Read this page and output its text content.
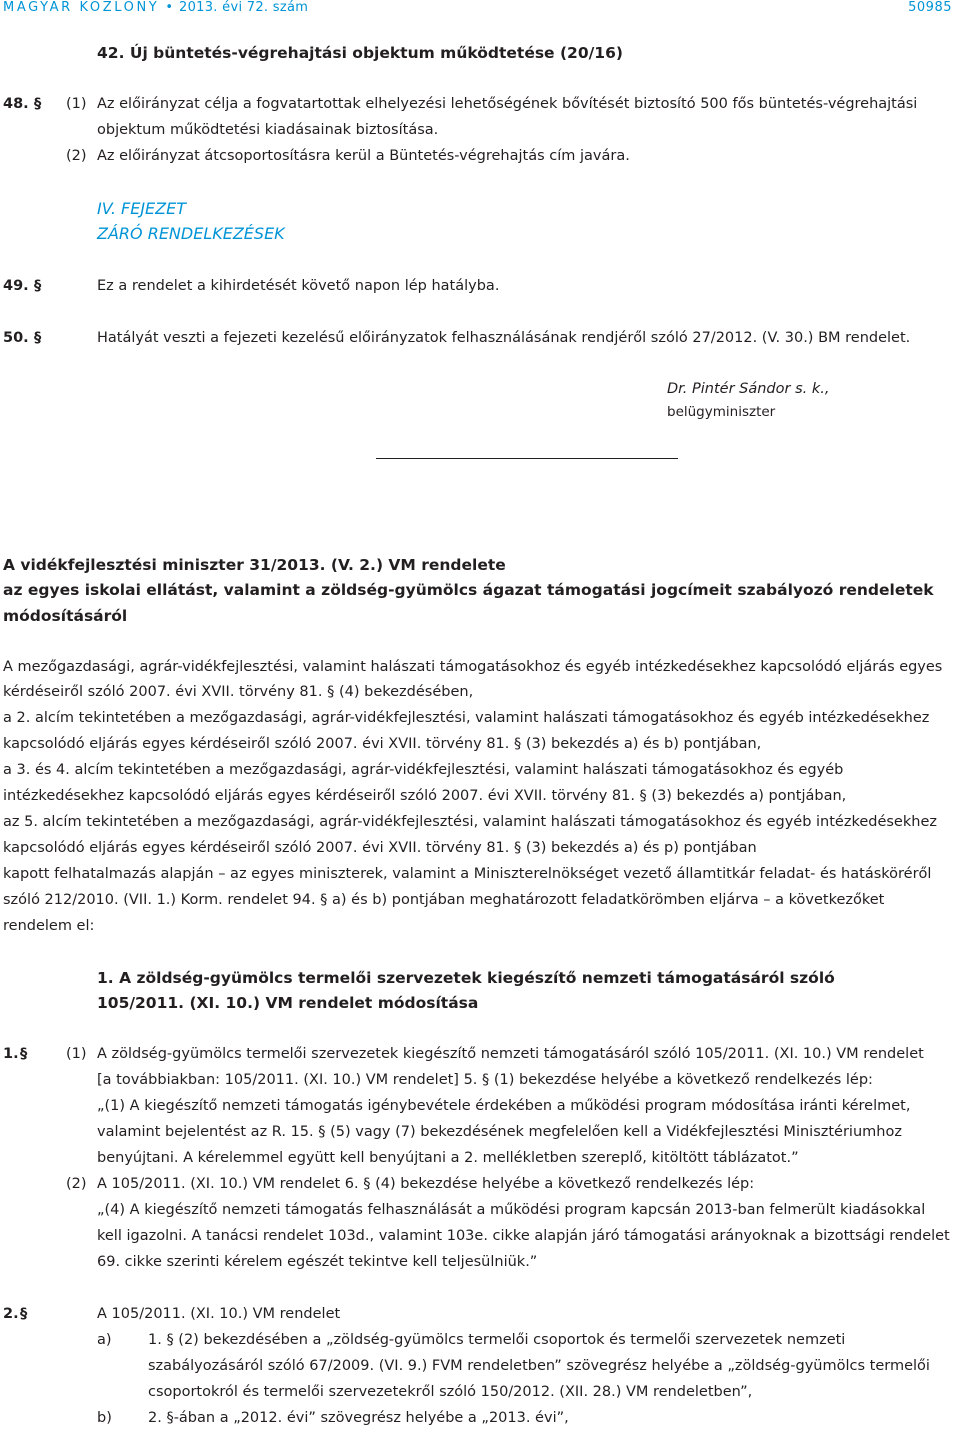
MAGYAR KÖZLÖNY • 2013. évi 72. szám	50985
42. Új büntetés-végrehajtási objektum működtetése (20/16)
48. § (1) Az előirányzat célja a fogvatartottak elhelyezési lehetőségének bővítését biztosító 500 fős büntetés-végrehajtási
objektum működtetési kiadásainak biztosítása.
(2) Az előirányzat átcsoportosításra kerül a Büntetés-végrehajtás cím javára.
IV. FEJEZET
ZÁRÓ RENDELKEZÉSEK
49. §	Ez a rendelet a kihirdetését követő napon lép hatályba.
50. §	Hatályát veszti a fejezeti kezelésű előirányzatok felhasználásának rendjéről szóló 27/2012. (V. 30.) BM rendelet.
Dr. Pintér Sándor s. k.,
belügyminiszter
A vidékfejlesztési miniszter 31/2013. (V. 2.) VM rendelete
az egyes iskolai ellátást, valamint a zöldség-gyümölcs ágazat támogatási jogcímeit szabályozó rendeletek
módosításáról
A mezőgazdasági, agrár-vidékfejlesztési, valamint halászati támogatásokhoz és egyéb intézkedésekhez kapcsolódó eljárás egyes
kérdéseiről szóló 2007. évi XVII. törvény 81. § (4) bekezdésében,
a 2. alcím tekintetében a mezőgazdasági, agrár-vidékfejlesztési, valamint halászati támogatásokhoz és egyéb intézkedésekhez
kapcsolódó eljárás egyes kérdéseiről szóló 2007. évi XVII. törvény 81. § (3) bekezdés a) és b) pontjában,
a 3. és 4. alcím tekintetében a mezőgazdasági, agrár-vidékfejlesztési, valamint halászati támogatásokhoz és egyéb
intézkedésekhez kapcsolódó eljárás egyes kérdéseiről szóló 2007. évi XVII. törvény 81. § (3) bekezdés a) pontjában,
az 5. alcím tekintetében a mezőgazdasági, agrár-vidékfejlesztési, valamint halászati támogatásokhoz és egyéb intézkedésekhez
kapcsolódó eljárás egyes kérdéseiről szóló 2007. évi XVII. törvény 81. § (3) bekezdés a) és p) pontjában
kapott felhatalmazás alapján – az egyes miniszterek, valamint a Miniszterelnökséget vezető államtitkár feladat- és hatásköréről
szóló 212/2010. (VII. 1.) Korm. rendelet 94. § a) és b) pontjában meghatározott feladatkörömben eljárva – a következőket
rendelem el:
1. A zöldség-gyümölcs termelői szervezetek kiegészítő nemzeti támogatásáról szóló
105/2011. (XI. 10.) VM rendelet módosítása
1. §	(1) A zöldség-gyümölcs termelői szervezetek kiegészítő nemzeti támogatásáról szóló 105/2011. (XI. 10.) VM rendelet
[a továbbiakban: 105/2011. (XI. 10.) VM rendelet] 5. § (1) bekezdése helyébe a következő rendelkezés lép:
„(1) A kiegészítő nemzeti támogatás igénybevétele érdekében a működési program módosítása iránti kérelmet,
valamint bejelentést az R. 15. § (5) vagy (7) bekezdésének megfelelően kell a Vidékfejlesztési Minisztériumhoz
benyújtani. A kérelemmel együtt kell benyújtani a 2. mellékletben szereplő, kitöltött táblázatot.”
(2) A 105/2011. (XI. 10.) VM rendelet 6. § (4) bekezdése helyébe a következő rendelkezés lép:
„(4) A kiegészítő nemzeti támogatás felhasználását a működési program kapcsán 2013-ban felmerült kiadásokkal
kell igazolni. A tanácsi rendelet 103d., valamint 103e. cikke alapján járó támogatási arányoknak a bizottsági rendelet
69. cikke szerinti kérelem egészét tekintve kell teljesülniük.”
2. §	A 105/2011. (XI. 10.) VM rendelet
a)	1. § (2) bekezdésében a „zöldség-gyümölcs termelői csoportok és termelői szervezetek nemzeti
szabályozásáról szóló 67/2009. (VI. 9.) FVM rendeletben” szövegrész helyébe a „zöldség-gyümölcs termelői
csoportokról és termelői szervezetekről szóló 150/2012. (XII. 28.) VM rendeletben”,
b) 2. §-ában a „2012. évi” szövegrész helyébe a „2013. évi”,
